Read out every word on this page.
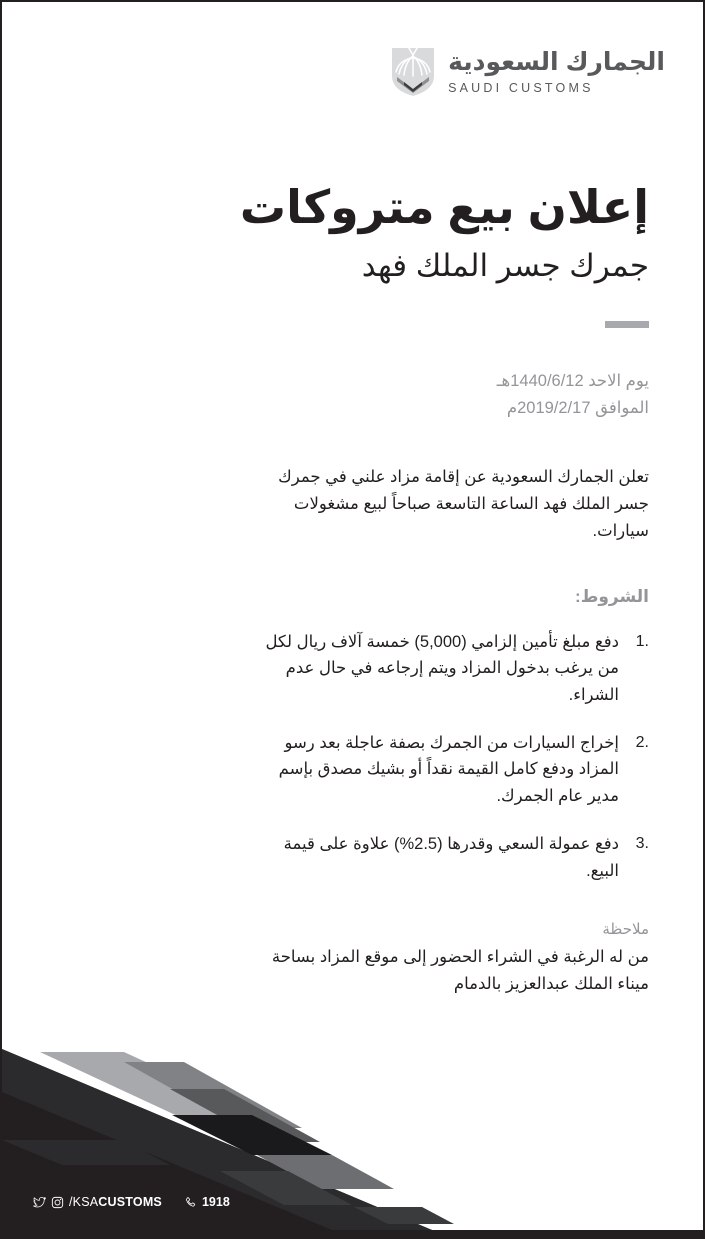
الجمارك السعودية
SAUDI CUSTOMS
إعلان بيع متروكات
جمرك جسر الملك فهد

يوم الاحد 1440/6/12هـ
الموافق 2019/2/17م

تعلن الجمارك السعودية عن إقامة مزاد علني في جمرك جسر الملك فهد الساعة التاسعة صباحاً لبيع مشغولات سيارات.

الشروط:

1.
دفع مبلغ تأمين إلزامي (5,000) خمسة آلاف ريال لكل من يرغب بدخول المزاد ويتم إرجاعه في حال عدم الشراء.
2.
إخراج السيارات من الجمرك بصفة عاجلة بعد رسو المزاد ودفع كامل القيمة نقداً أو بشيك مصدق بإسم مدير عام الجمرك.
3.
دفع عمولة السعي وقدرها (2.5%) علاوة على قيمة البيع.

ملاحظة

من له الرغبة في الشراء الحضور إلى موقع المزاد بساحة ميناء الملك عبدالعزيز بالدمام

/KSACUSTOMS	1918
